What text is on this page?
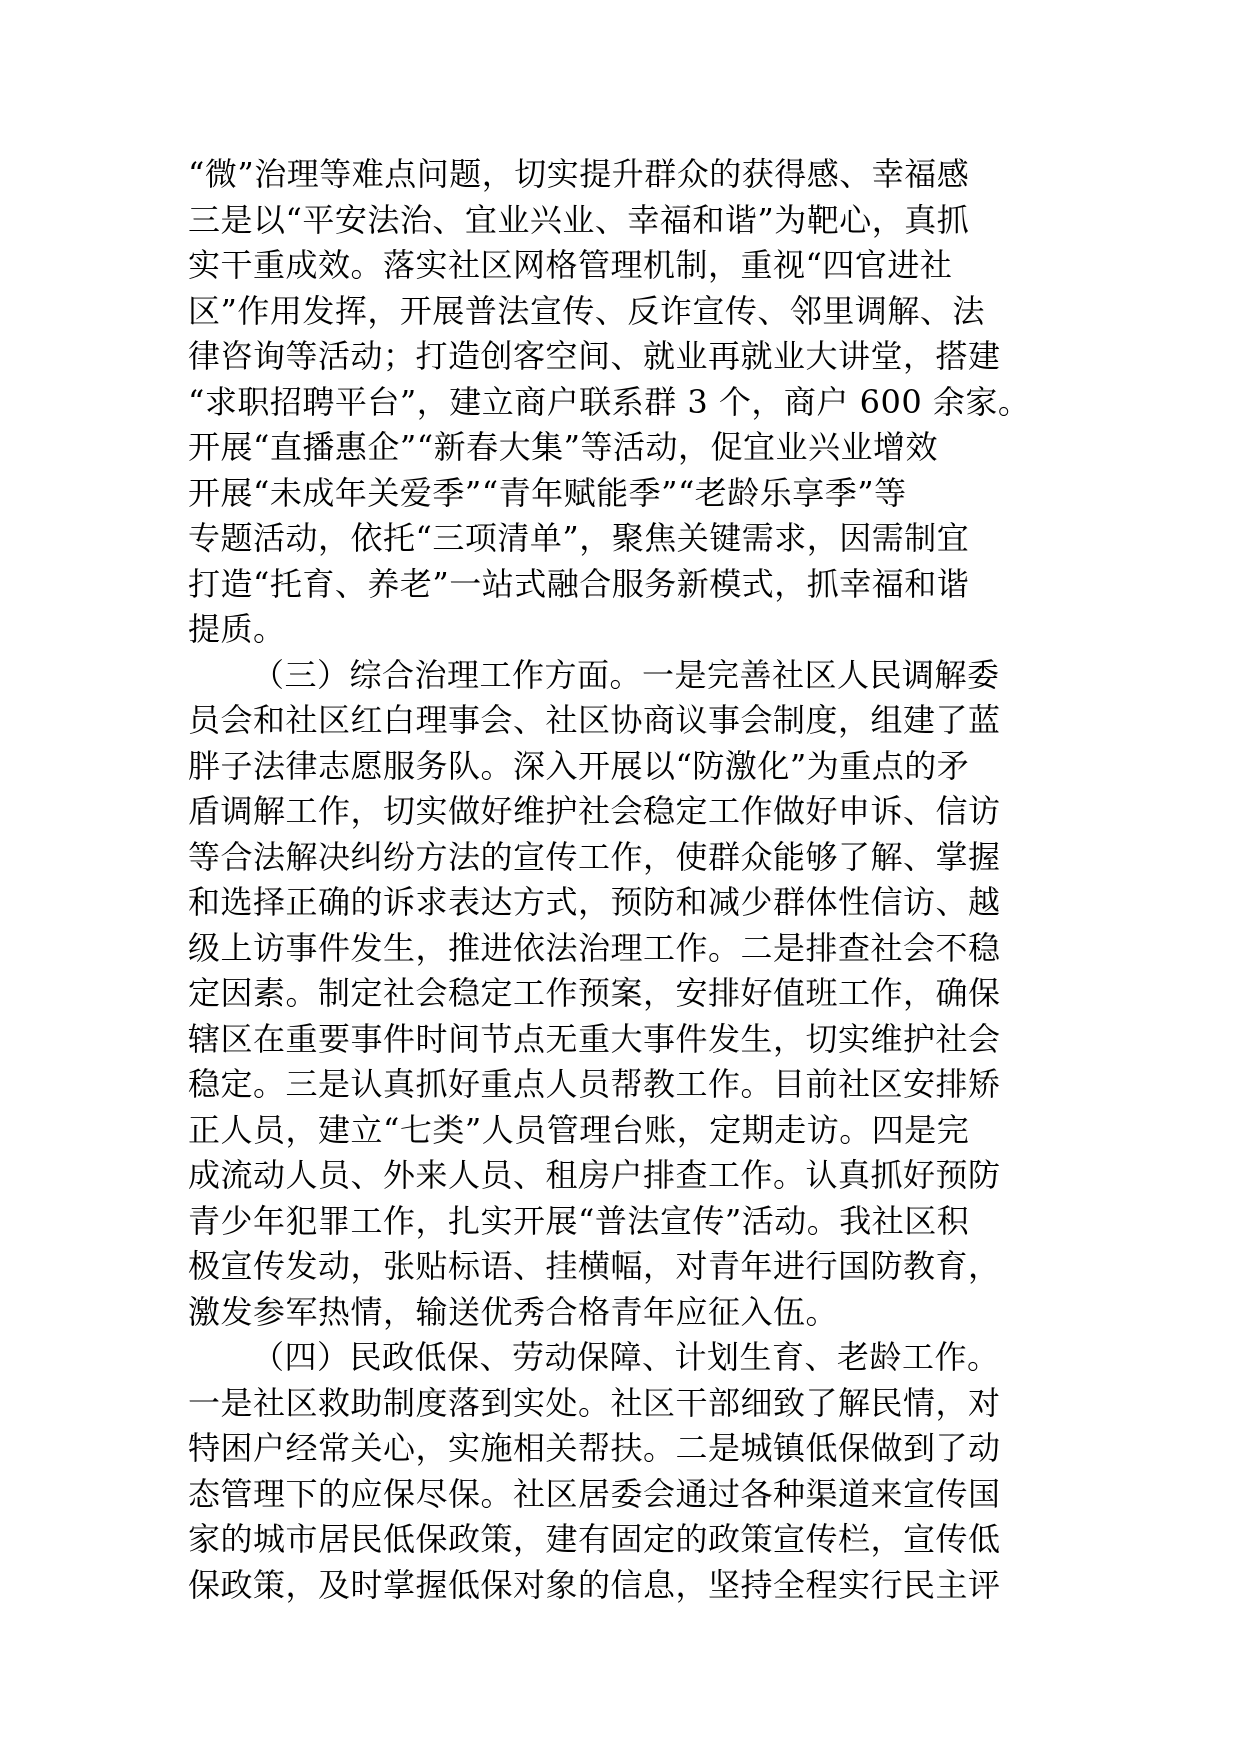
“微”治理等难点问题，切实提升群众的获得感、幸福感
三是以“平安法治、宜业兴业、幸福和谐”为靶心，真抓
实干重成效。落实社区网格管理机制，重视“四官进社
区”作用发挥，开展普法宣传、反诈宣传、邻里调解、法
律咨询等活动；打造创客空间、就业再就业大讲堂，搭建
“求职招聘平台”，建立商户联系群 3 个，商户 600 余家。
开展“直播惠企”“新春大集”等活动，促宜业兴业增效
开展“未成年关爱季”“青年赋能季”“老龄乐享季”等
专题活动，依托“三项清单”，聚焦关键需求，因需制宜
打造“托育、养老”一站式融合服务新模式，抓幸福和谐
提质。
（三）综合治理工作方面。一是完善社区人民调解委
员会和社区红白理事会、社区协商议事会制度，组建了蓝
胖子法律志愿服务队。深入开展以“防激化”为重点的矛
盾调解工作，切实做好维护社会稳定工作做好申诉、信访
等合法解决纠纷方法的宣传工作，使群众能够了解、掌握
和选择正确的诉求表达方式，预防和减少群体性信访、越
级上访事件发生，推进依法治理工作。二是排查社会不稳
定因素。制定社会稳定工作预案，安排好值班工作，确保
辖区在重要事件时间节点无重大事件发生，切实维护社会
稳定。三是认真抓好重点人员帮教工作。目前社区安排矫
正人员，建立“七类”人员管理台账，定期走访。四是完
成流动人员、外来人员、租房户排查工作。认真抓好预防
青少年犯罪工作，扎实开展“普法宣传”活动。我社区积
极宣传发动，张贴标语、挂横幅，对青年进行国防教育，
激发参军热情，输送优秀合格青年应征入伍。
（四）民政低保、劳动保障、计划生育、老龄工作。
一是社区救助制度落到实处。社区干部细致了解民情，对
特困户经常关心，实施相关帮扶。二是城镇低保做到了动
态管理下的应保尽保。社区居委会通过各种渠道来宣传国
家的城市居民低保政策，建有固定的政策宣传栏，宣传低
保政策，及时掌握低保对象的信息，坚持全程实行民主评
